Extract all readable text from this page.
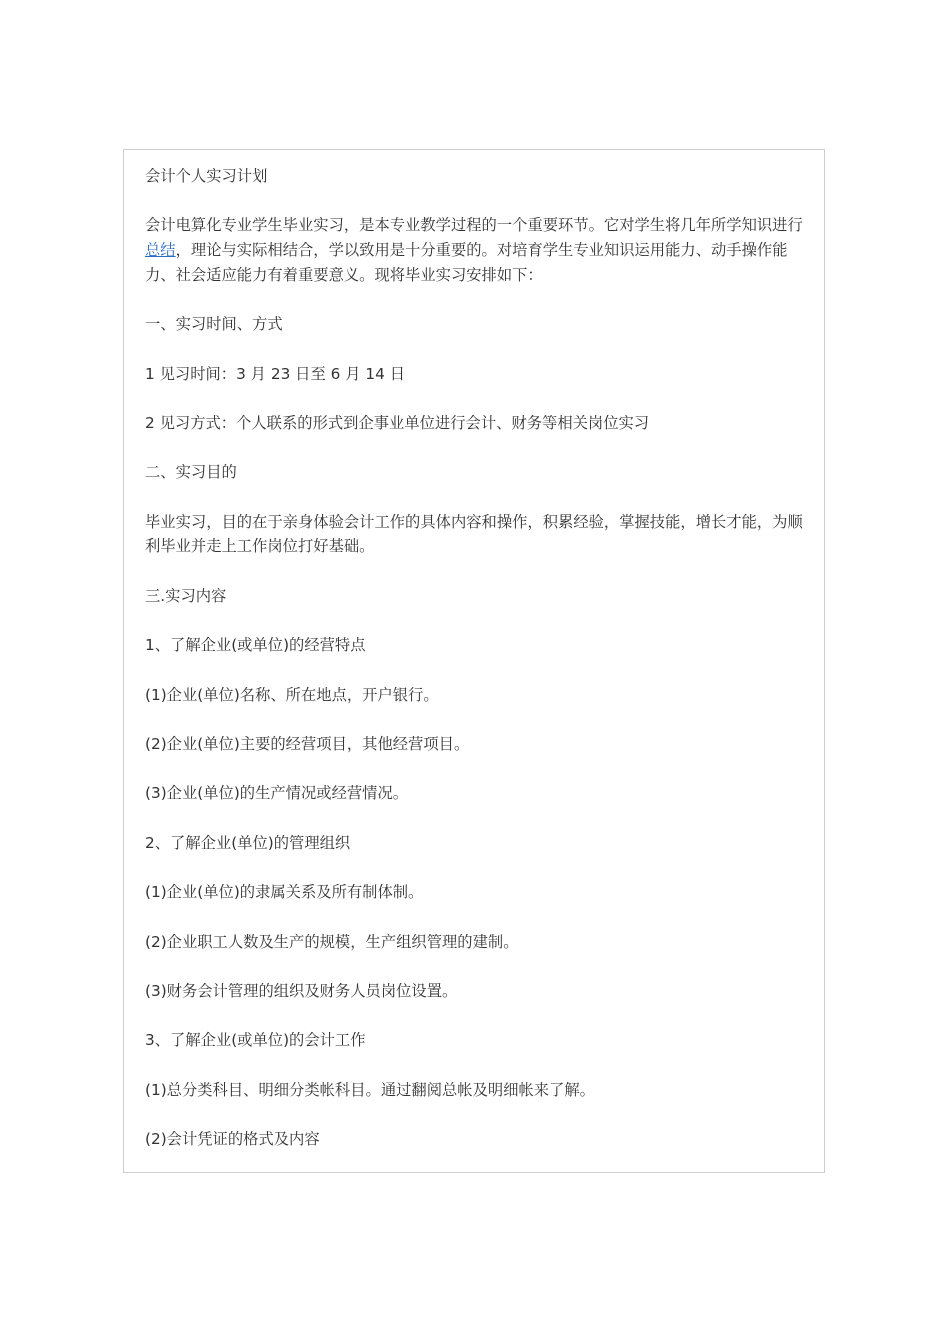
会计个人实习计划

会计电算化专业学生毕业实习，是本专业教学过程的一个重要环节。它对学生将几年所学知识进行总结，理论与实际相结合，学以致用是十分重要的。对培育学生专业知识运用能力、动手操作能力、社会适应能力有着重要意义。现将毕业实习安排如下：

一、实习时间、方式

1 见习时间：3 月 23 日至 6 月 14 日

2 见习方式：个人联系的形式到企事业单位进行会计、财务等相关岗位实习

二、实习目的

毕业实习，目的在于亲身体验会计工作的具体内容和操作，积累经验，掌握技能，增长才能，为顺利毕业并走上工作岗位打好基础。

三.实习内容

1、了解企业(或单位)的经营特点

(1)企业(单位)名称、所在地点，开户银行。

(2)企业(单位)主要的经营项目，其他经营项目。

(3)企业(单位)的生产情况或经营情况。

2、了解企业(单位)的管理组织

(1)企业(单位)的隶属关系及所有制体制。

(2)企业职工人数及生产的规模，生产组织管理的建制。

(3)财务会计管理的组织及财务人员岗位设置。

3、了解企业(或单位)的会计工作

(1)总分类科目、明细分类帐科目。通过翻阅总帐及明细帐来了解。

(2)会计凭证的格式及内容
